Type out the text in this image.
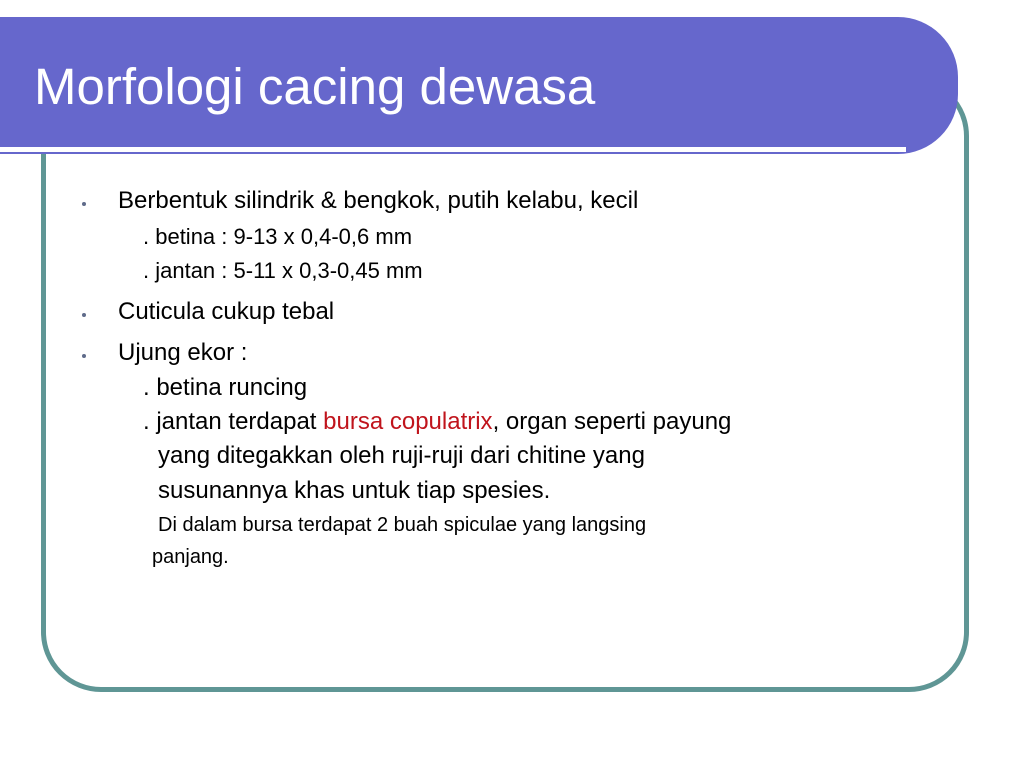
Morfologi cacing dewasa

Berbentuk silindrik & bengkok, putih kelabu, kecil

. betina : 9-13 x 0,4-0,6 mm

. jantan : 5-11 x 0,3-0,45 mm

Cuticula cukup tebal

Ujung ekor :

. betina runcing

. jantan terdapat bursa copulatrix, organ seperti payung

yang ditegakkan oleh ruji-ruji dari chitine yang

susunannya khas untuk tiap spesies.

Di dalam bursa terdapat 2 buah spiculae yang langsing

panjang.
